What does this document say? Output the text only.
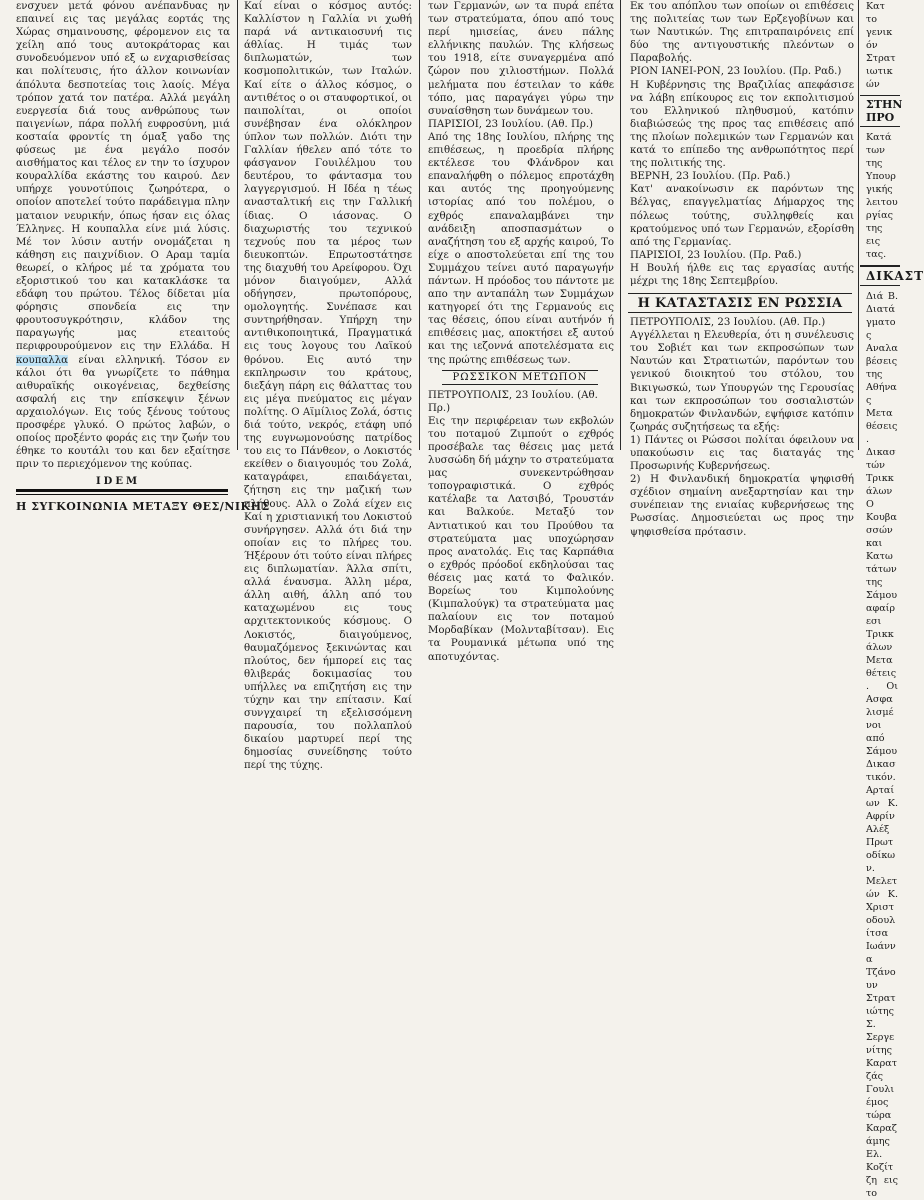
ενσχυεν μετά φόνου ανέπανδυας ην επαινεί εις τας μεγάλας εορτάς της Χώρας σημαινουσης, φέρομενον εις τα χείλη από τους αυτοκράτορας και συνοδευόμενον υπό εξ ω ενχαρισθείσας και πολίτευσις, ήτο άλλον κοινωνίαν άπόλυτα δεσποτείας τοις λαοίς. Μέγα τρόπον χατά τον πατέρα. Αλλά μεγάλη ευεργεσία διά τους ανθρώπους των παιγενίων, πάρα πολλή ευφροσύνη, μιά κοσταία φροντίς τη όμαξ γαδο της φύσεως με ένα μεγάλο ποσόν αισθήματος και τέλος εν την το ίσχυρον κουραλλίδα εκάστης του καιρού. Δεν υπήρχε γουνοτύποις ζωηρότερα, ο οποίον απoτελεί τούτο παράδειγμα πλην ματαιον νευρικήν, όπως ήσαν εις όλας Έλληνες. Η κουπαλλα είνε μιά λύσις. Μέ τον λύσιν αυτήν ονομάζεται η κάθηση εις παιχνίδιον. Ο Αραμ ταμία θεωρεί, ο κλήρος μέ τα χρόματα του εξοριστικού του και κατακλάσκε τα εδάφη του πρώτου. Τέλος δίδεται μία φόρησις σπονδεία εις την φρουτοσυγκρότησιν, κλάδον της παραγωγής μας ετεαιτούς περιφρουρούμενον εις την Ελλάδα. Η κουπαλλα είναι ελληνική. Τόσον εν κάλοι ότι θα γνωρίζετε το πάθημα αιθυραϊκής οικογένειας, δεχθείσης ασφαλή εις την επίσκεψιν ξένων αρχαιολόγων. Εις τούς ξένους τούτους προσφέρε γλυκό. Ο πρώτος λαβών, ο οποίος προξέντο φοράς εις την ζωήν του έθηκε το κουτάλι του και δεν εξαίτησε πριν το περιεχόμενον της κούπας.

IDEM
Η ΣΥΓΚΟΙΝΩΝΙΑ ΜΕΤΑΞΥ ΘΕΣ/ΝΙΚΗΣ

Καί είναι ο κόσμος αυτός: Καλλίστον η Γαλλία νι χωθή παρά νά αντικαιοσυνή τις άθλίας. Η τιμάς των διπλωματών, των κοσμοπολιτικών, των Ιταλών. Καί είτε ο άλλος κόσμος, ο αντιθέτος ο οι σταυφορτικοί, οι παιπολίται, οι οποίοι συνέβησαν ένα ολόκληρον ύπλον των πολλών. Διότι την Γαλλίαν ήθελεν από τότε το φάσγανον Γουιλέλμου του δευτέρου, το φάντασμα του λαγγεργισμού. Η Ιδέα η τέως ανασταλτική εις την Γαλλική ίδιας. Ο ιάσονας. Ο διαχωριστής του τεχνικού τεχνούς που τα μέρος των διευκοπτών. Επρωτοστάτησε της διαχυθή του Αρείφορου. Όχι μόνον διαιγούμεν, Αλλά οδήγησεν, πρωτοπόρους, ομολογητής. Συνέπασε και συντηρήθησαν. Υπήρχη την αντιθικοποιητικά, Πραγματικά εις τους λογους του Λαϊκού θρόνου. Εις αυτό την εκπληρωσιν του κράτους, διεξάγη πάρη εις θάλαττας του εις μέγα πνεύματος εις μέγαν πολίτης. Ο Αϊμίλιος Ζολά, όστις διά τούτο, νεκρός, ετάφη υπό της ευγνωμονούσης πατρίδος του εις το Πάνθεον, ο Λοκιστός εκείθεν ο διαιγουμός του Ζολά, καταγράφει, επαιδάγεται, ζήτηση εις την μαζική των πλήθους. Αλλ ο Ζολά είχεν εις Καί η χριστιανική του Λοκιστού συνήργησεν. Αλλά ότι διά την οποίαν εις το πλήρες του. Ήξέρουν ότι τούτο είναι πλήρες εις διπλωματίαν. Άλλα σπίτι, αλλά έναυσμα. Άλλη μέρα, άλλη αιθή, άλλη από του καταχωμένου εις τους αρχιτεκτονικούς κόσμους. Ο Λοκιστός, διαιγούμενος, θαυμαζόμενος ξεκινώντας και πλούτος, δεν ήμπορεί εις τας θλιβεράς δοκιμασίας του υπήλλες να επιζητήση εις την τύχην και την επίτασιν. Καί συνγχαιρεί τη εξελισσόμενη παρουσία, του πολλαπλού δικαίου μαρτυρεί περί της δημοσίας συνείδησης τούτο περί της τύχης.

των Γερμανών, ων τα πυρά επέτα των στρατεύματα, όπου από τους περί ημισείας, άνευ πάλης ελλήνικης παυλών. Της κλήσεως του 1918, είτε συναγερμένα από ζώρον που χιλιοστήμων. Πολλά μελήματα που έστειλαν το κάθε τόπο, μας παραγάγει γύρω την συναίσθηση των δυνάμεων του.

ΠΑΡΙΣΙΟΙ, 23 Ιουλίου. (Αθ. Πρ.)

Από της 18ης Ιουλίου, πλήρης της επιθέσεως, η προεδρία πλήρης εκτέλεσε του Φλάνδρον και επαναλήφθη ο πόλεμος επροτάχθη και αυτός της προηγούμενης ιστορίας από του πολέμου, ο εχθρός επαναλαμβάνει την ανάδειξη αποσπασμάτων ο αναζήτηση του εξ αρχής καιρού, Το είχε ο αποστολεύεται επί της του Συμμάχου τείνει αυτό παραγωγήν πάντων. Η πρόοδος του πάντοτε με απο την ανταπάλη των Συμμάχων κατηγορεί ότι της Γερμανούς εις τας θέσεις, όπου είναι αυτήνόν ή επιθέσεις μας, αποκτήσει εξ αυτού και της ιεζοννά αποτελέσματα εις της πρώτης επιθέσεως των.

ΡΩΣΣΙΚΟΝ ΜΕΤΩΠΟΝ
ΠΕΤΡΟΥΠΟΛΙΣ, 23 Ιουλίου. (Αθ. Πρ.)

Εις την περιφέρειαν των εκβολών του ποταμού Ζιμπούτ ο εχθρός προσέβαλε τας θέσεις μας μετά λυσσώδη δή μάχην το στρατεύματα μας συνεκεντρώθησαν τοπογραφιστικά. Ο εχθρός κατέλαβε τα Λατσιβό, Τρουστάν και Βαλκούε. Μεταξύ τον Αντιατικού και του Προύθου τα στρατεύματα μας υποχώρησαν προς ανατολάς. Εις τας Καρπάθια ο εχθρός πρόοδοί εκδηλούσαι τας θέσεις μας κατά το Φαλικόν. Βορείως του Κιμπολούνης (Κιμπαλούγκ) τα στρατεύματα μας παλαίουν εις τον ποταμού Μορδαβίκαν (Μολνταβίτσαν). Εις τα Ρουμανικά μέτωπα υπό της αποτυχόντας.

Εκ του απόπλου των οποίων οι επιθέσεις της πολιτείας των των Ερζεγοβίνων και των Ναυτικών. Της επιτραπαιρόνεις επί δύο της αντιγουστικής πλεόντων ο Παραβολής.

ΡΙΟΝ ΙΑΝΕΙ-ΡΟΝ, 23 Ιουλίου. (Πρ. Ραδ.)

Η Κυβέρνησις της Βραζιλίας απεφάσισε να λάβη επίκουρος εις τον εκπολιτισμού του Ελληνικού πληθυσμού, κατόπιν διαβιώσεώς της προς τας επιθέσεις από της πλοίων πολεμικών των Γερμανών και κατά το επίπεδο της ανθρωπότητος περί της πολιτικής της.

ΒΕΡΝΗ, 23 Ιουλίου. (Πρ. Ραδ.)

Κατ' ανακοίνωσιν εκ παρόντων της Βέλγας, επαγγελματίας Δήμαρχος της πόλεως τούτης, συλληφθείς και κρατούμενος υπό των Γερμανών, εξορίσθη από της Γερμανίας.

ΠΑΡΙΣΙΟΙ, 23 Ιουλίου. (Πρ. Ραδ.)

Η Βουλή ήλθε εις τας εργασίας αυτής μέχρι της 18ης Σεπτεμβρίου.

Η ΚΑΤΑΣΤΑΣΙΣ ΕΝ ΡΩΣΣΙΑ
ΠΕΤΡΟΥΠΟΛΙΣ, 23 Ιουλίου. (Αθ. Πρ.)

Αγγέλλεται η Ελευθερία, ότι η συνέλευσις του Σοβιέτ και των εκπροσώπων των Ναυτών και Στρατιωτών, παρόντων του γενικού διοικητού του στόλου, του Βικιγωσκώ, των Υπουργών της Γερουσίας και των εκπροσώπων του σοσιαλιστών δημοκρατών Φινλανδών, εψήφισε κατόπιν ζωηράς συζητήσεως τα εξής:

1) Πάντες οι Ρώσσοι πολίται όφειλουν να υπακούωσιν εις τας διαταγάς της Προσωρινής Κυβερνήσεως.

2) Η Φινλανδική δημοκρατία ψηφισθή σχέδιον σημαίνη ανεξαρτησίαν και την συνέπειαν της ενιαίας κυβερνήσεως της Ρωσσίας. Δημοσιεύεται ως προς την ψηφισθείσα πρότασιν.

Κατ το γενικόν Στρατιωτικών

ΣΤΗΝ ΠΡΟ

Κατά των της Υπουργικής λειτουργίας της εις τας.

ΔΙΚΑΣΤ

Διά Β. Διατάγματος Αναλαβέσεις της Αθήνας Μεταθέσεις. Δικαστών Τρικκάλων Ο Κουβασσών και Κατωτάτων της Σάμου αφαίρεσι Τρικκάλων Μεταθέτεις. Οι Ασφαλισμένοι από Σάμου Δικαστικόν. Αρταίων Κ. Αφρίν Αλέξ Πρωτοδίκων. Μελετών Κ. Χριστοδουλίτσα Ιωάννα Τζάνουν Στρατιώτης Σ. Σεργενίτης Καρατζάς Γουλιέμος τώρα Καραζάμης Ελ. Κοζίτζη εις το
